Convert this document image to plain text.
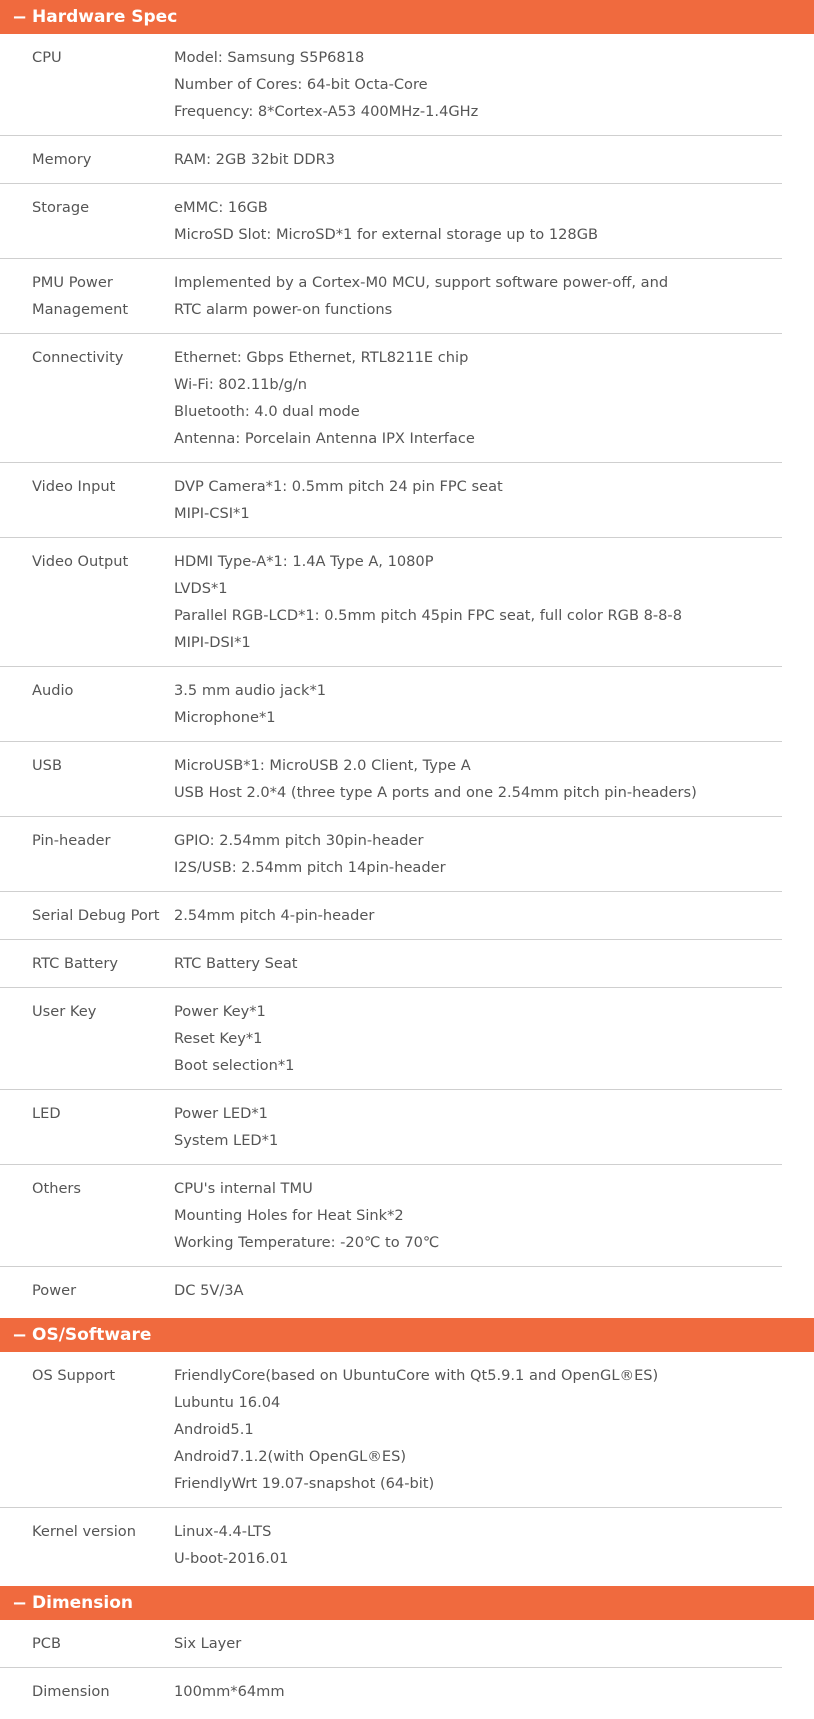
− Hardware Spec
CPU	Model: Samsung S5P6818
Number of Cores: 64-bit Octa-Core
Frequency: 8*Cortex-A53 400MHz-1.4GHz

Memory	RAM: 2GB 32bit DDR3

Storage	eMMC: 16GB
MicroSD Slot: MicroSD*1 for external storage up to 128GB

PMU Power
Management	Implemented by a Cortex-M0 MCU, support software power-off, and
RTC alarm power-on functions

Connectivity	Ethernet: Gbps Ethernet, RTL8211E chip
Wi-Fi: 802.11b/g/n
Bluetooth: 4.0 dual mode
Antenna: Porcelain Antenna IPX Interface

Video Input	DVP Camera*1: 0.5mm pitch 24 pin FPC seat
MIPI-CSI*1

Video Output	HDMI Type-A*1: 1.4A Type A, 1080P
LVDS*1
Parallel RGB-LCD*1: 0.5mm pitch 45pin FPC seat, full color RGB 8-8-8
MIPI-DSI*1

Audio	3.5 mm audio jack*1
Microphone*1

USB	MicroUSB*1: MicroUSB 2.0 Client, Type A
USB Host 2.0*4 (three type A ports and one 2.54mm pitch pin-headers)

Pin-header	GPIO: 2.54mm pitch 30pin-header
I2S/USB: 2.54mm pitch 14pin-header

Serial Debug Port	2.54mm pitch 4-pin-header

RTC Battery	RTC Battery Seat

User Key	Power Key*1
Reset Key*1
Boot selection*1

LED	Power LED*1
System LED*1

Others	CPU's internal TMU
Mounting Holes for Heat Sink*2
Working Temperature: -20℃ to 70℃

Power	DC 5V/3A
− OS/Software
OS Support	FriendlyCore(based on UbuntuCore with Qt5.9.1 and OpenGL®ES)
Lubuntu 16.04
Android5.1
Android7.1.2(with OpenGL®ES)
FriendlyWrt 19.07-snapshot (64-bit)

Kernel version	Linux-4.4-LTS
U-boot-2016.01
− Dimension
PCB	Six Layer

Dimension	100mm*64mm
